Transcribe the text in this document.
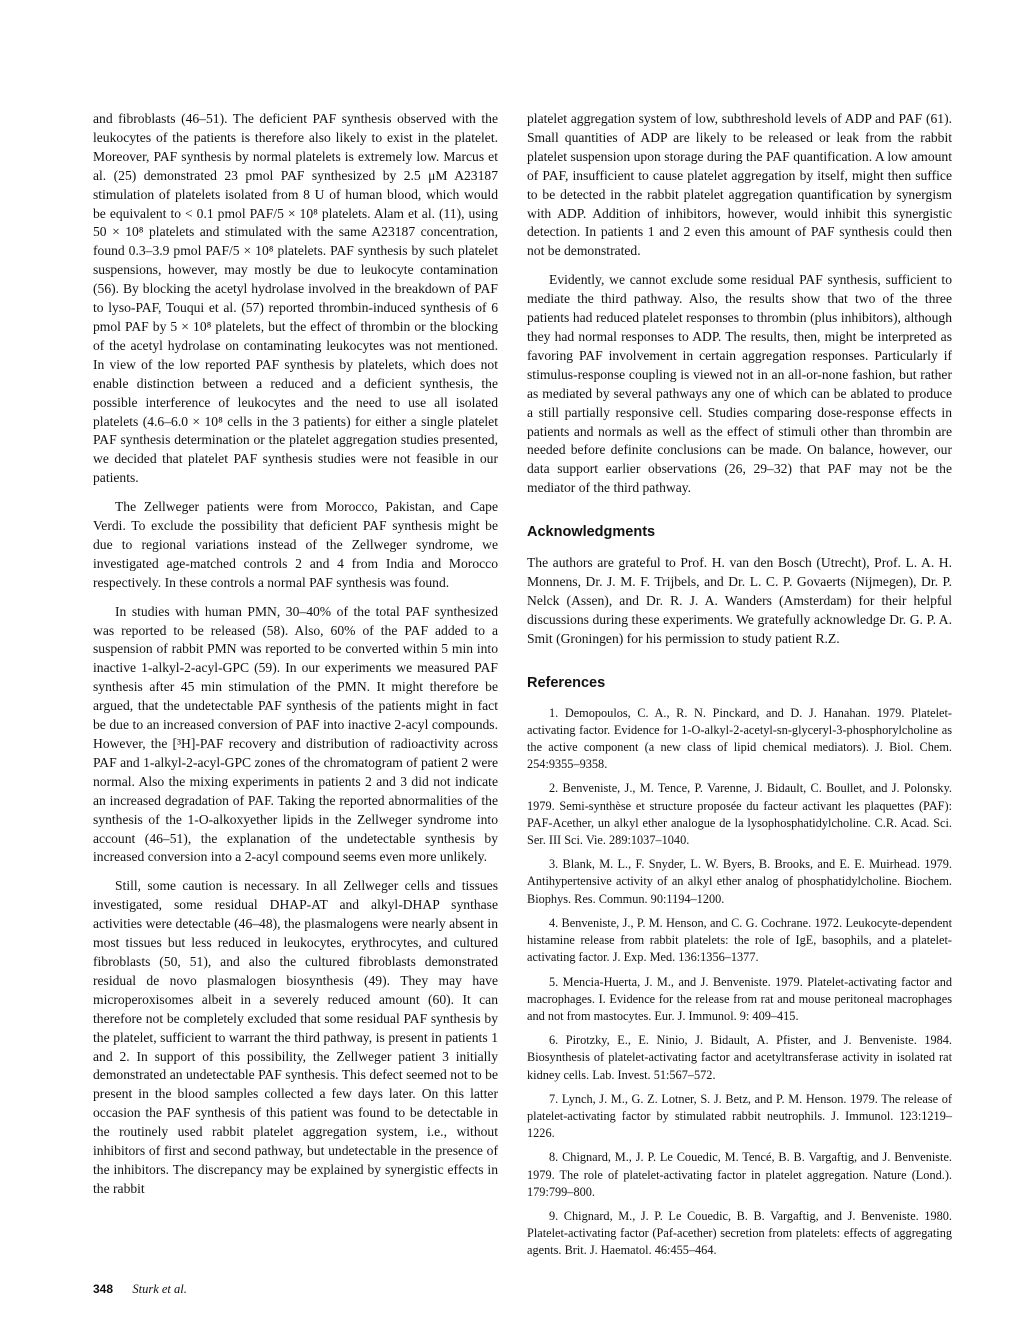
and fibroblasts (46–51). The deficient PAF synthesis observed with the leukocytes of the patients is therefore also likely to exist in the platelet. Moreover, PAF synthesis by normal platelets is extremely low. Marcus et al. (25) demonstrated 23 pmol PAF synthesized by 2.5 μM A23187 stimulation of platelets isolated from 8 U of human blood, which would be equivalent to < 0.1 pmol PAF/5 × 10⁸ platelets. Alam et al. (11), using 50 × 10⁸ platelets and stimulated with the same A23187 concentration, found 0.3–3.9 pmol PAF/5 × 10⁸ platelets. PAF synthesis by such platelet suspensions, however, may mostly be due to leukocyte contamination (56). By blocking the acetyl hydrolase involved in the breakdown of PAF to lyso-PAF, Touqui et al. (57) reported thrombin-induced synthesis of 6 pmol PAF by 5 × 10⁸ platelets, but the effect of thrombin or the blocking of the acetyl hydrolase on contaminating leukocytes was not mentioned. In view of the low reported PAF synthesis by platelets, which does not enable distinction between a reduced and a deficient synthesis, the possible interference of leukocytes and the need to use all isolated platelets (4.6–6.0 × 10⁸ cells in the 3 patients) for either a single platelet PAF synthesis determination or the platelet aggregation studies presented, we decided that platelet PAF synthesis studies were not feasible in our patients.

The Zellweger patients were from Morocco, Pakistan, and Cape Verdi. To exclude the possibility that deficient PAF synthesis might be due to regional variations instead of the Zellweger syndrome, we investigated age-matched controls 2 and 4 from India and Morocco respectively. In these controls a normal PAF synthesis was found.

In studies with human PMN, 30–40% of the total PAF synthesized was reported to be released (58). Also, 60% of the PAF added to a suspension of rabbit PMN was reported to be converted within 5 min into inactive 1-alkyl-2-acyl-GPC (59). In our experiments we measured PAF synthesis after 45 min stimulation of the PMN. It might therefore be argued, that the undetectable PAF synthesis of the patients might in fact be due to an increased conversion of PAF into inactive 2-acyl compounds. However, the [³H]-PAF recovery and distribution of radioactivity across PAF and 1-alkyl-2-acyl-GPC zones of the chromatogram of patient 2 were normal. Also the mixing experiments in patients 2 and 3 did not indicate an increased degradation of PAF. Taking the reported abnormalities of the synthesis of the 1-O-alkoxyether lipids in the Zellweger syndrome into account (46–51), the explanation of the undetectable synthesis by increased conversion into a 2-acyl compound seems even more unlikely.

Still, some caution is necessary. In all Zellweger cells and tissues investigated, some residual DHAP-AT and alkyl-DHAP synthase activities were detectable (46–48), the plasmalogens were nearly absent in most tissues but less reduced in leukocytes, erythrocytes, and cultured fibroblasts (50, 51), and also the cultured fibroblasts demonstrated residual de novo plasmalogen biosynthesis (49). They may have microperoxisomes albeit in a severely reduced amount (60). It can therefore not be completely excluded that some residual PAF synthesis by the platelet, sufficient to warrant the third pathway, is present in patients 1 and 2. In support of this possibility, the Zellweger patient 3 initially demonstrated an undetectable PAF synthesis. This defect seemed not to be present in the blood samples collected a few days later. On this latter occasion the PAF synthesis of this patient was found to be detectable in the routinely used rabbit platelet aggregation system, i.e., without inhibitors of first and second pathway, but undetectable in the presence of the inhibitors. The discrepancy may be explained by synergistic effects in the rabbit

platelet aggregation system of low, subthreshold levels of ADP and PAF (61). Small quantities of ADP are likely to be released or leak from the rabbit platelet suspension upon storage during the PAF quantification. A low amount of PAF, insufficient to cause platelet aggregation by itself, might then suffice to be detected in the rabbit platelet aggregation quantification by synergism with ADP. Addition of inhibitors, however, would inhibit this synergistic detection. In patients 1 and 2 even this amount of PAF synthesis could then not be demonstrated.

Evidently, we cannot exclude some residual PAF synthesis, sufficient to mediate the third pathway. Also, the results show that two of the three patients had reduced platelet responses to thrombin (plus inhibitors), although they had normal responses to ADP. The results, then, might be interpreted as favoring PAF involvement in certain aggregation responses. Particularly if stimulus-response coupling is viewed not in an all-or-none fashion, but rather as mediated by several pathways any one of which can be ablated to produce a still partially responsive cell. Studies comparing dose-response effects in patients and normals as well as the effect of stimuli other than thrombin are needed before definite conclusions can be made. On balance, however, our data support earlier observations (26, 29–32) that PAF may not be the mediator of the third pathway.

Acknowledgments

The authors are grateful to Prof. H. van den Bosch (Utrecht), Prof. L. A. H. Monnens, Dr. J. M. F. Trijbels, and Dr. L. C. P. Govaerts (Nijmegen), Dr. P. Nelck (Assen), and Dr. R. J. A. Wanders (Amsterdam) for their helpful discussions during these experiments. We gratefully acknowledge Dr. G. P. A. Smit (Groningen) for his permission to study patient R.Z.

References
1. Demopoulos, C. A., R. N. Pinckard, and D. J. Hanahan. 1979. Platelet-activating factor. Evidence for 1-O-alkyl-2-acetyl-sn-glyceryl-3-phosphorylcholine as the active component (a new class of lipid chemical mediators). J. Biol. Chem. 254:9355–9358.
2. Benveniste, J., M. Tence, P. Varenne, J. Bidault, C. Boullet, and J. Polonsky. 1979. Semi-synthèse et structure proposée du facteur activant les plaquettes (PAF): PAF-Acether, un alkyl ether analogue de la lysophosphatidylcholine. C.R. Acad. Sci. Ser. III Sci. Vie. 289:1037–1040.
3. Blank, M. L., F. Snyder, L. W. Byers, B. Brooks, and E. E. Muirhead. 1979. Antihypertensive activity of an alkyl ether analog of phosphatidylcholine. Biochem. Biophys. Res. Commun. 90:1194–1200.
4. Benveniste, J., P. M. Henson, and C. G. Cochrane. 1972. Leukocyte-dependent histamine release from rabbit platelets: the role of IgE, basophils, and a platelet-activating factor. J. Exp. Med. 136:1356–1377.
5. Mencia-Huerta, J. M., and J. Benveniste. 1979. Platelet-activating factor and macrophages. I. Evidence for the release from rat and mouse peritoneal macrophages and not from mastocytes. Eur. J. Immunol. 9: 409–415.
6. Pirotzky, E., E. Ninio, J. Bidault, A. Pfister, and J. Benveniste. 1984. Biosynthesis of platelet-activating factor and acetyltransferase activity in isolated rat kidney cells. Lab. Invest. 51:567–572.
7. Lynch, J. M., G. Z. Lotner, S. J. Betz, and P. M. Henson. 1979. The release of platelet-activating factor by stimulated rabbit neutrophils. J. Immunol. 123:1219–1226.
8. Chignard, M., J. P. Le Couedic, M. Tencé, B. B. Vargaftig, and J. Benveniste. 1979. The role of platelet-activating factor in platelet aggregation. Nature (Lond.). 179:799–800.
9. Chignard, M., J. P. Le Couedic, B. B. Vargaftig, and J. Benveniste. 1980. Platelet-activating factor (Paf-acether) secretion from platelets: effects of aggregating agents. Brit. J. Haematol. 46:455–464.
348 Sturk et al.
